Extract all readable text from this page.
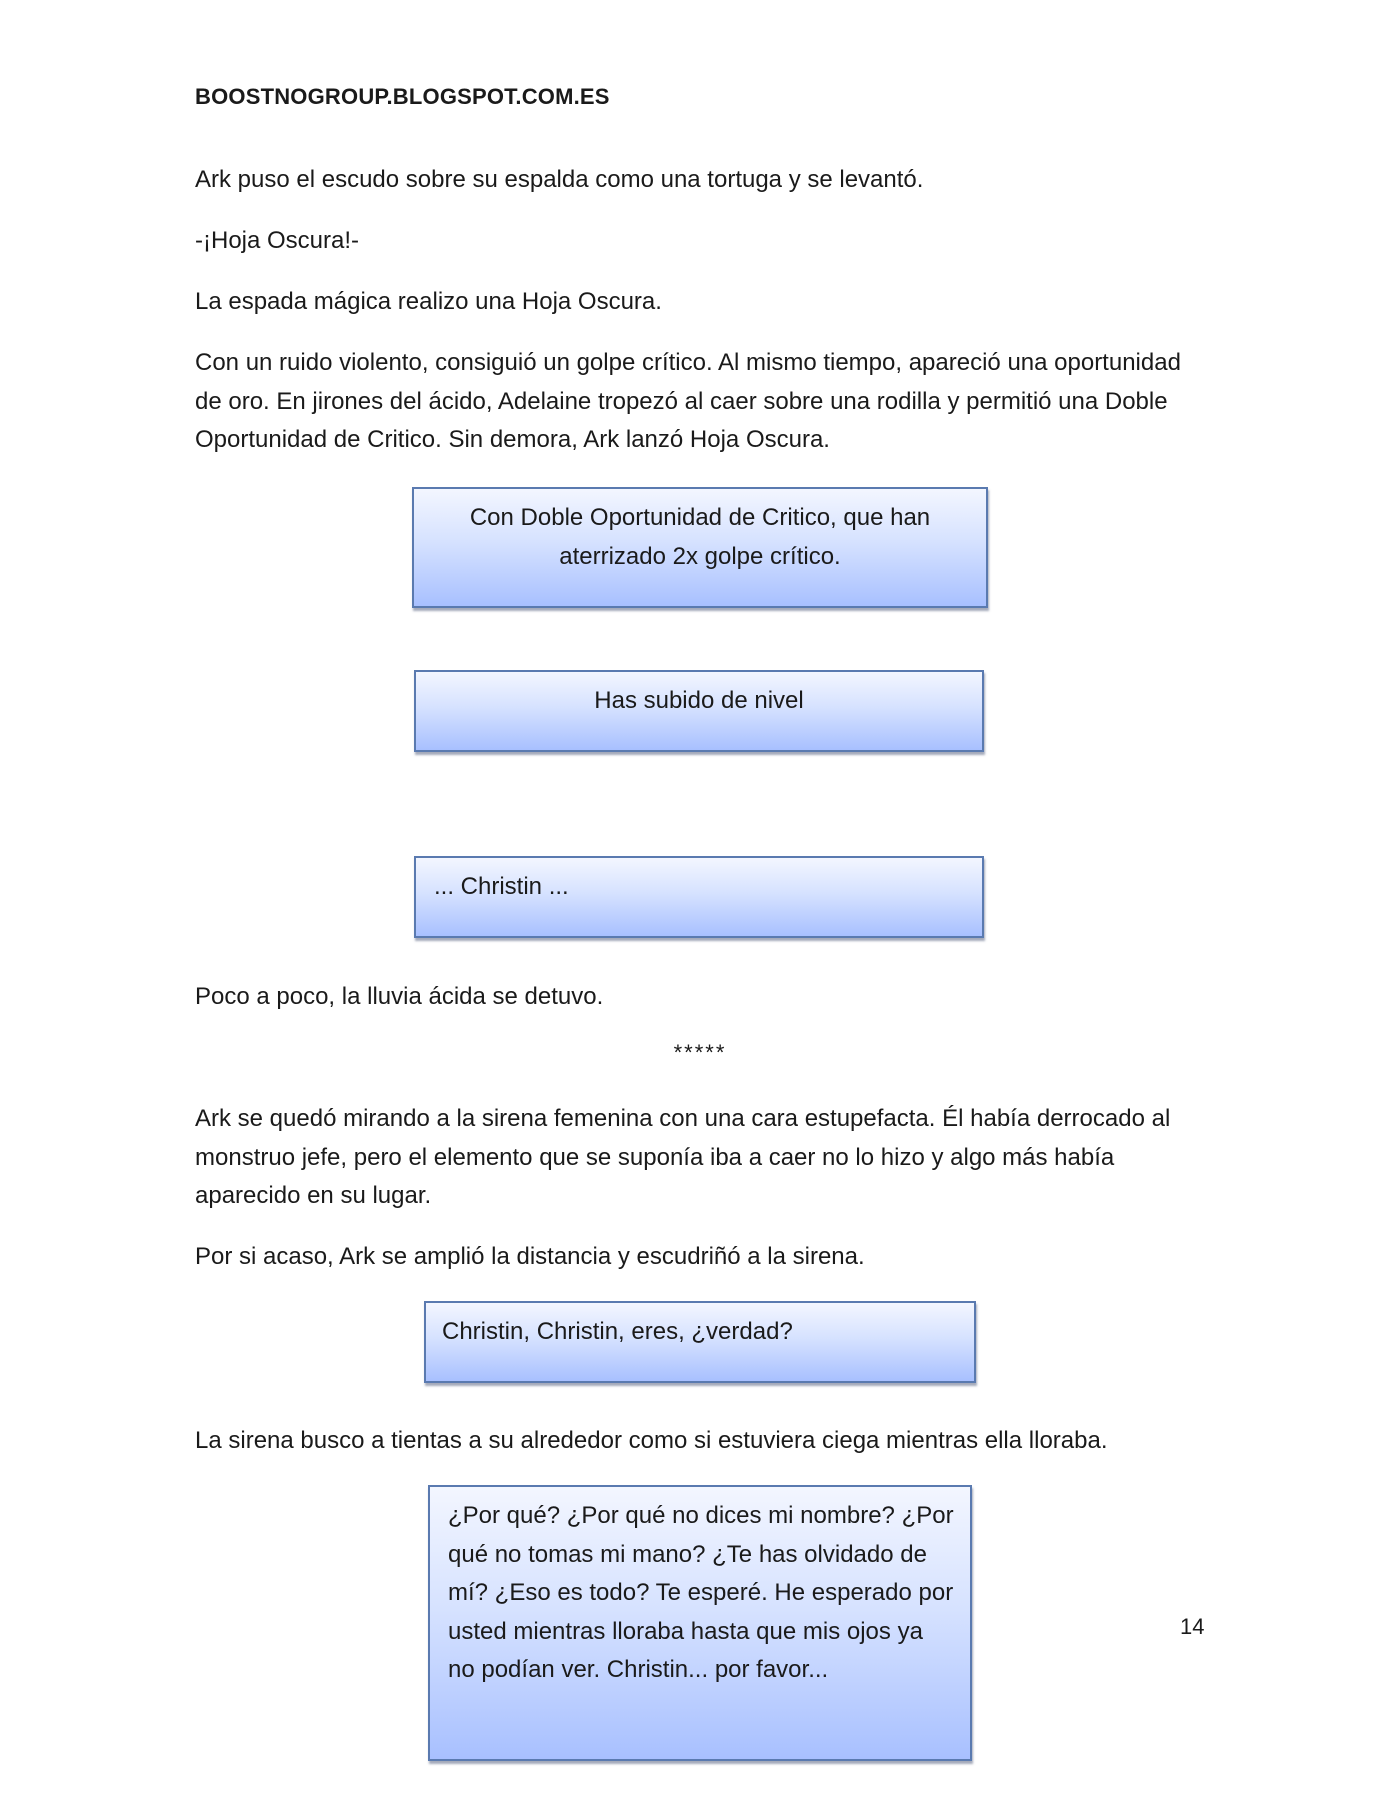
BOOSTNOGROUP.BLOGSPOT.COM.ES
Ark puso el escudo sobre su espalda como una tortuga y se levantó.
-¡Hoja Oscura!-
La espada mágica realizo una Hoja Oscura.
Con un ruido violento, consiguió un golpe crítico. Al mismo tiempo, apareció una oportunidad de oro. En jirones del ácido, Adelaine tropezó al caer sobre una rodilla y permitió una Doble Oportunidad de Critico. Sin demora, Ark lanzó Hoja Oscura.
Con Doble Oportunidad de Critico, que han aterrizado 2x golpe crítico.
Has subido de nivel
... Christin ...
Poco a poco, la lluvia ácida se detuvo.
*****
Ark se quedó mirando a la sirena femenina con una cara estupefacta. Él había derrocado al monstruo jefe, pero el elemento que se suponía iba a caer no lo hizo y algo más había aparecido en su lugar.
Por si acaso, Ark se amplió la distancia y escudriñó a la sirena.
Christin, Christin, eres, ¿verdad?
La sirena busco a tientas a su alrededor como si estuviera ciega mientras ella lloraba.
¿Por qué? ¿Por qué no dices mi nombre? ¿Por qué no tomas mi mano? ¿Te has olvidado de mí? ¿Eso es todo? Te esperé. He esperado por usted mientras lloraba hasta que mis ojos ya no podían ver. Christin... por favor...
14
